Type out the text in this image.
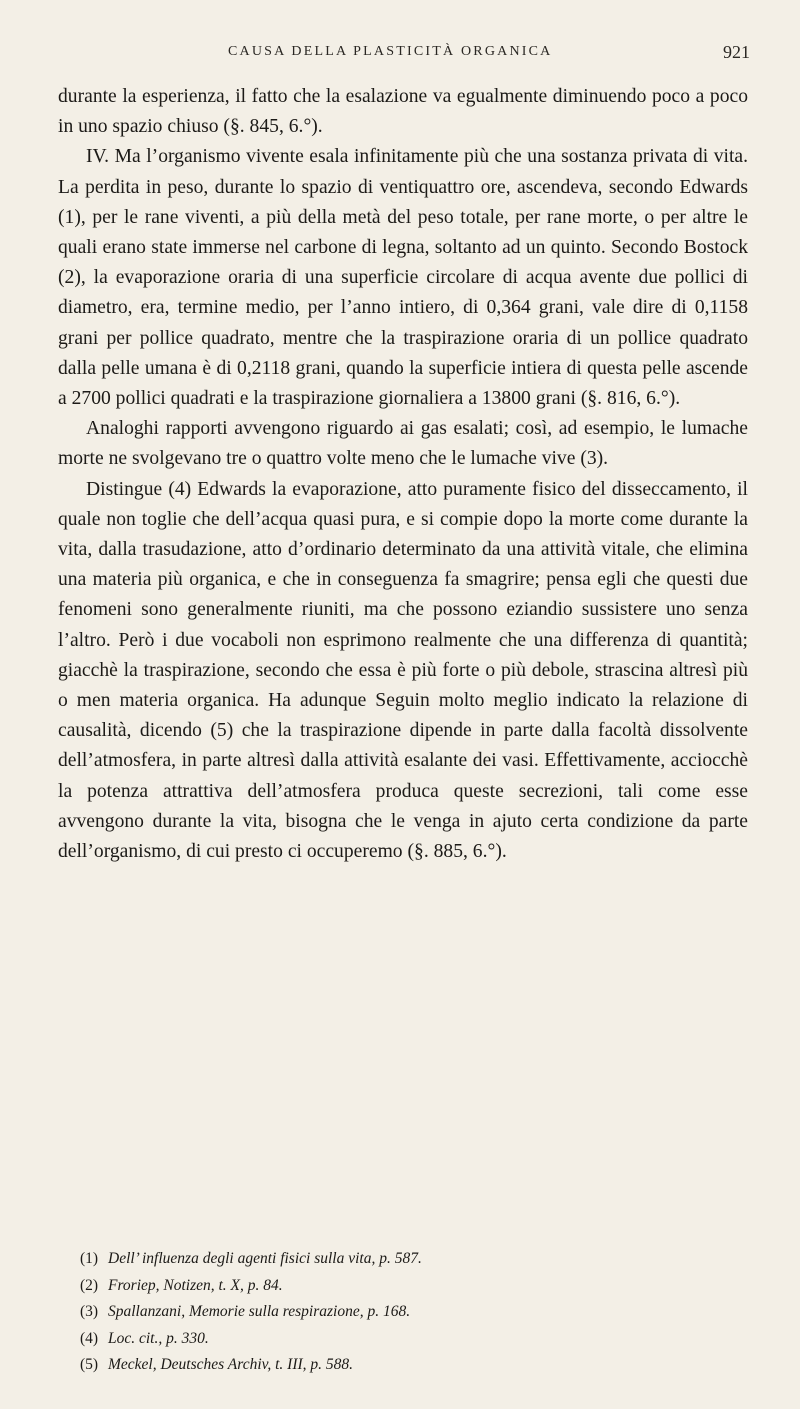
CAUSA DELLA PLASTICITÀ ORGANICA	921

durante la esperienza, il fatto che la esalazione va egualmente diminuendo poco a poco in uno spazio chiuso (§. 845, 6.°).

IV. Ma l’organismo vivente esala infinitamente più che una sostanza privata di vita. La perdita in peso, durante lo spazio di ventiquattro ore, ascendeva, secondo Edwards (1), per le rane viventi, a più della metà del peso totale, per rane morte, o per altre le quali erano state immerse nel carbone di legna, soltanto ad un quinto. Secondo Bostock (2), la evaporazione oraria di una superficie circolare di acqua avente due pollici di diametro, era, termine medio, per l’anno intiero, di 0,364 grani, vale dire di 0,1158 grani per pollice quadrato, mentre che la traspirazione oraria di un pollice quadrato dalla pelle umana è di 0,2118 grani, quando la superficie intiera di questa pelle ascende a 2700 pollici quadrati e la traspirazione giornaliera a 13800 grani (§. 816, 6.°).

Analoghi rapporti avvengono riguardo ai gas esalati; così, ad esempio, le lumache morte ne svolgevano tre o quattro volte meno che le lumache vive (3).

Distingue (4) Edwards la evaporazione, atto puramente fisico del disseccamento, il quale non toglie che dell’acqua quasi pura, e si compie dopo la morte come durante la vita, dalla trasudazione, atto d’ordinario determinato da una attività vitale, che elimina una materia più organica, e che in conseguenza fa smagrire; pensa egli che questi due fenomeni sono generalmente riuniti, ma che possono eziandio sussistere uno senza l’altro. Però i due vocaboli non esprimono realmente che una differenza di quantità; giacchè la traspirazione, secondo che essa è più forte o più debole, strascina altresì più o men materia organica. Ha adunque Seguin molto meglio indicato la relazione di causalità, dicendo (5) che la traspirazione dipende in parte dalla facoltà dissolvente dell’atmosfera, in parte altresì dalla attività esalante dei vasi. Effettivamente, acciocchè la potenza attrattiva dell’atmosfera produca queste secrezioni, tali come esse avvengono durante la vita, bisogna che le venga in ajuto certa condizione da parte dell’organismo, di cui presto ci occuperemo (§. 885, 6.°).

(1) Dell’ influenza degli agenti fisici sulla vita, p. 587.

(2) Froriep, Notizen, t. X, p. 84.

(3) Spallanzani, Memorie sulla respirazione, p. 168.

(4) Loc. cit., p. 330.

(5) Meckel, Deutsches Archiv, t. III, p. 588.
